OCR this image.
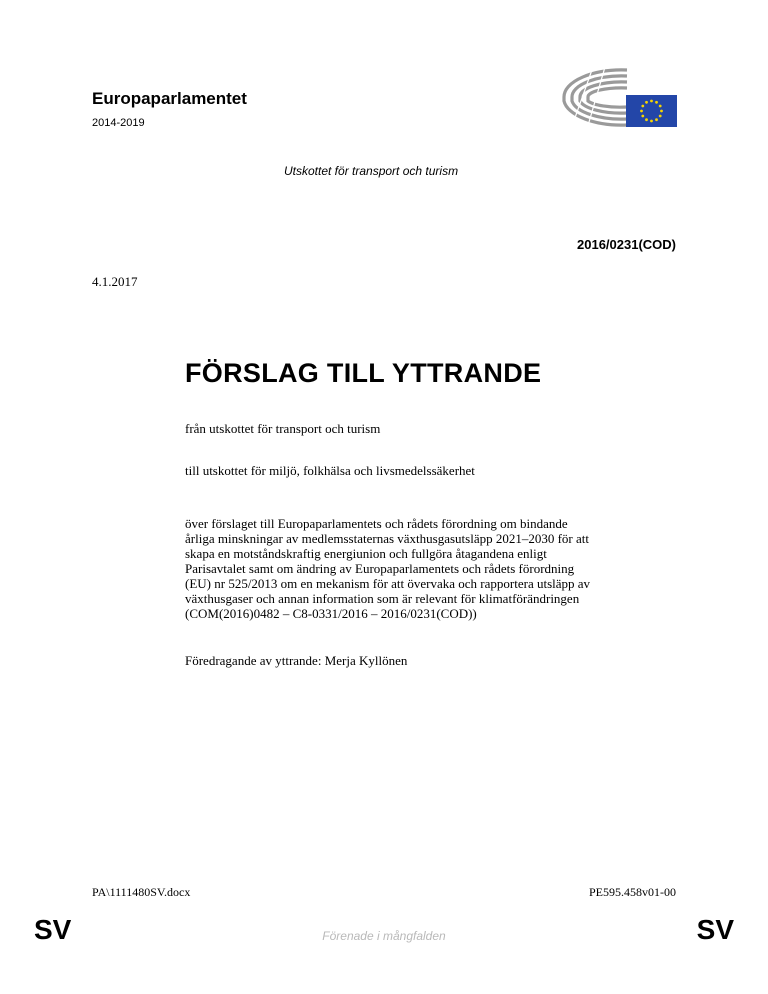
Europaparlamentet
2014-2019
Utskottet för transport och turism
2016/0231(COD)
4.1.2017
FÖRSLAG TILL YTTRANDE
från utskottet för transport och turism
till utskottet för miljö, folkhälsa och livsmedelssäkerhet
över förslaget till Europaparlamentets och rådets förordning om bindande
årliga minskningar av medlemsstaternas växthusgasutsläpp 2021–2030 för att
skapa en motståndskraftig energiunion och fullgöra åtagandena enligt
Parisavtalet samt om ändring av Europaparlamentets och rådets förordning
(EU) nr 525/2013 om en mekanism för att övervaka och rapportera utsläpp av
växthusgaser och annan information som är relevant för klimatförändringen
(COM(2016)0482 – C8-0331/2016 – 2016/0231(COD))
Föredragande av yttrande: Merja Kyllönen
PA\1111480SV.docx	PE595.458v01-00
SV	Förenade i mångfalden	SV
